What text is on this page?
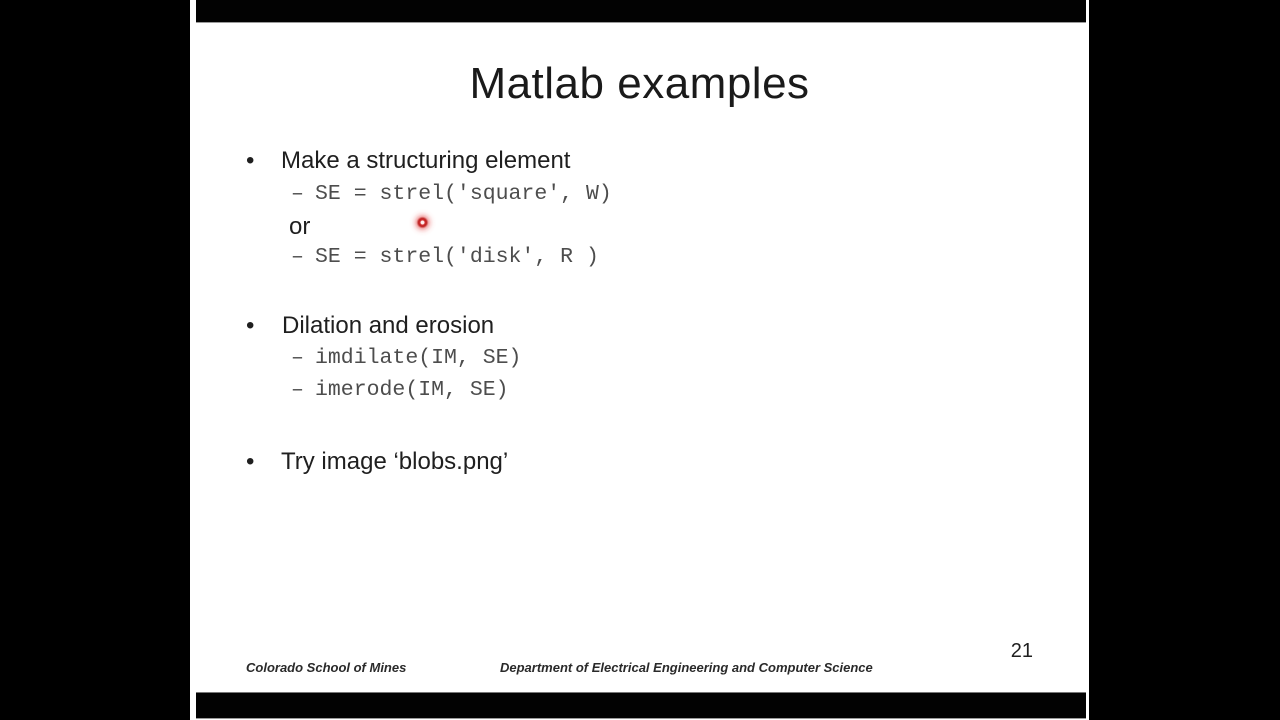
Matlab examples
• Make a structuring element
– SE = strel('square', W)
or
– SE = strel('disk', R )
• Dilation and erosion
– imdilate(IM, SE)
– imerode(IM, SE)
• Try image ‘blobs.png’
21
Colorado School of Mines	Department of Electrical Engineering and Computer Science
